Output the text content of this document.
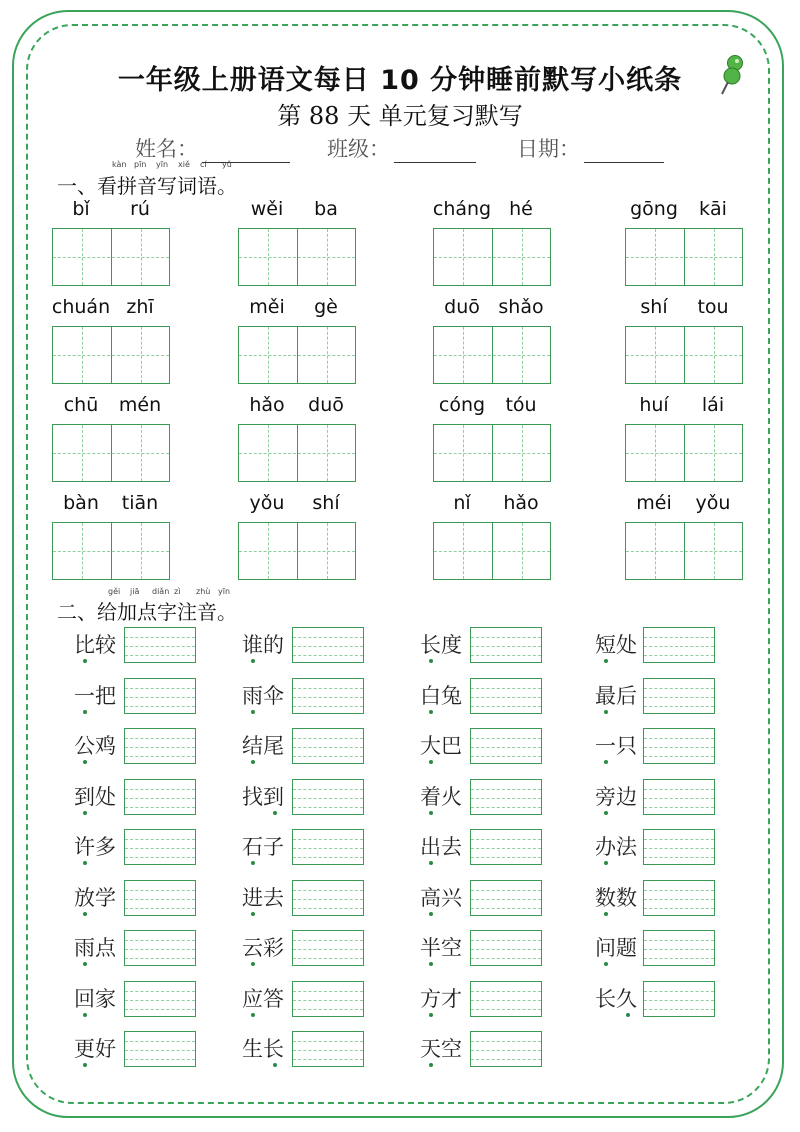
一年级上册语文每日 10 分钟睡前默写小纸条
第 88 天 单元复习默写
姓名：	班级：	日期：
kàn pīn yīn xiě cí yǔ
一、看拼音写词语。
bǐ rú	wěi ba	cháng hé	gōng kāi
chuán zhī	měi gè	duō shǎo	shí tou
chū mén	hǎo duō	cóng tóu	huí lái
bàn tiān	yǒu shí	nǐ hǎo	méi yǒu
gěi jiā diǎn zì zhù yīn
二、给加点字注音。
比较	谁的	长度	短处
一把	雨伞	白兔	最后
公鸡	结尾	大巴	一只
到处	找到	着火	旁边
许多	石子	出去	办法
放学	进去	高兴	数数
雨点	云彩	半空	问题
回家	应答	方才	长久
更好	生长	天空
